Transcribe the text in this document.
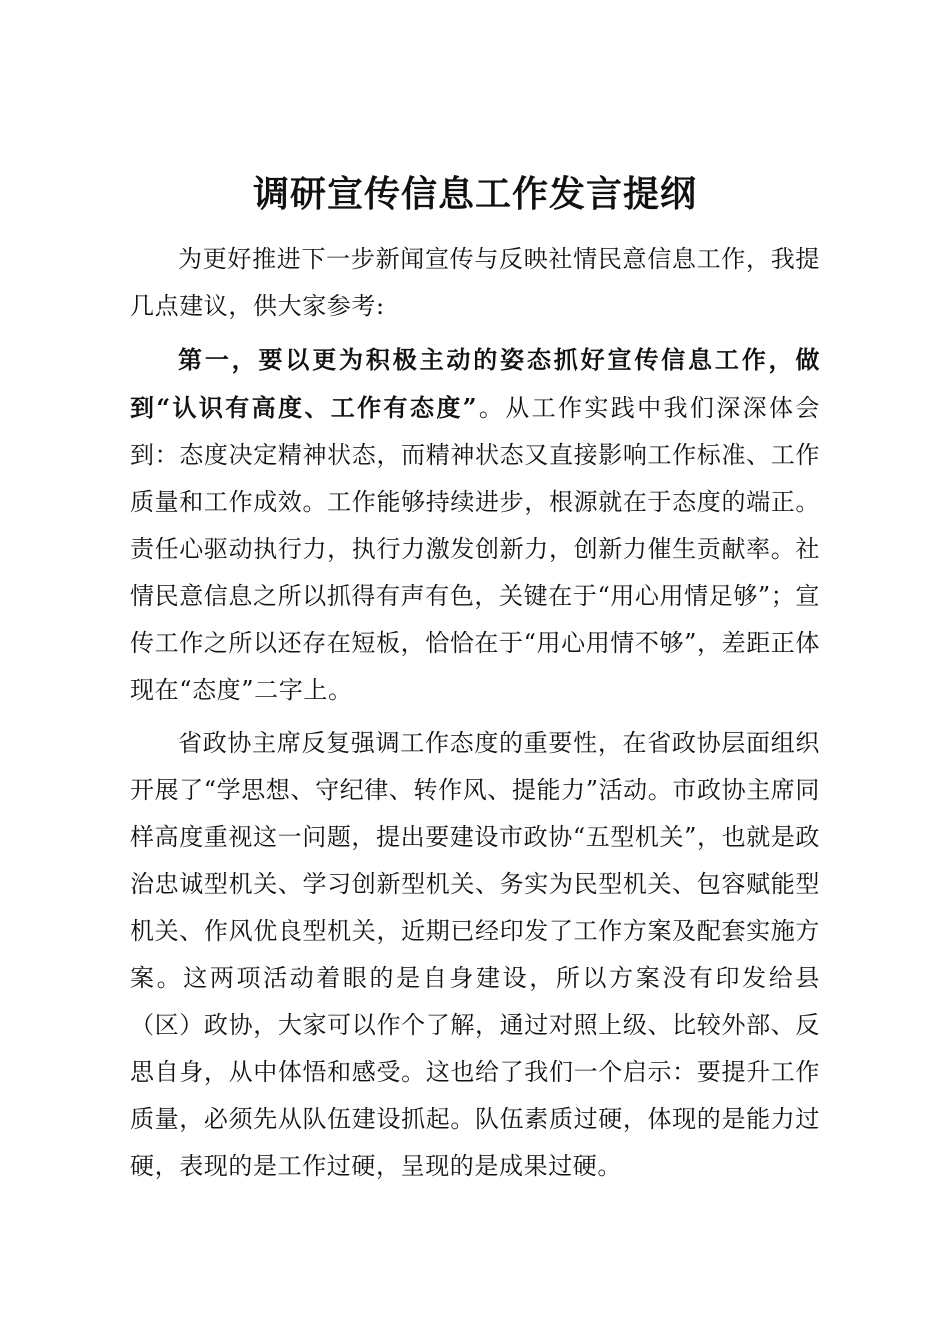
调研宣传信息工作发言提纲

为更好推进下一步新闻宣传与反映社情民意信息工作，我提几点建议，供大家参考:

第一，要以更为积极主动的姿态抓好宣传信息工作，做到“认识有高度、工作有态度”。从工作实践中我们深深体会到：态度决定精神状态，而精神状态又直接影响工作标准、工作质量和工作成效。工作能够持续进步，根源就在于态度的端正。责任心驱动执行力，执行力激发创新力，创新力催生贡献率。社情民意信息之所以抓得有声有色，关键在于“用心用情足够”；宣传工作之所以还存在短板，恰恰在于“用心用情不够”，差距正体现在“态度”二字上。

省政协主席反复强调工作态度的重要性，在省政协层面组织开展了“学思想、守纪律、转作风、提能力”活动。市政协主席同样高度重视这一问题，提出要建设市政协“五型机关”，也就是政治忠诚型机关、学习创新型机关、务实为民型机关、包容赋能型机关、作风优良型机关，近期已经印发了工作方案及配套实施方案。这两项活动着眼的是自身建设，所以方案没有印发给县（区）政协，大家可以作个了解，通过对照上级、比较外部、反思自身，从中体悟和感受。这也给了我们一个启示：要提升工作质量，必须先从队伍建设抓起。队伍素质过硬，体现的是能力过硬，表现的是工作过硬，呈现的是成果过硬。
